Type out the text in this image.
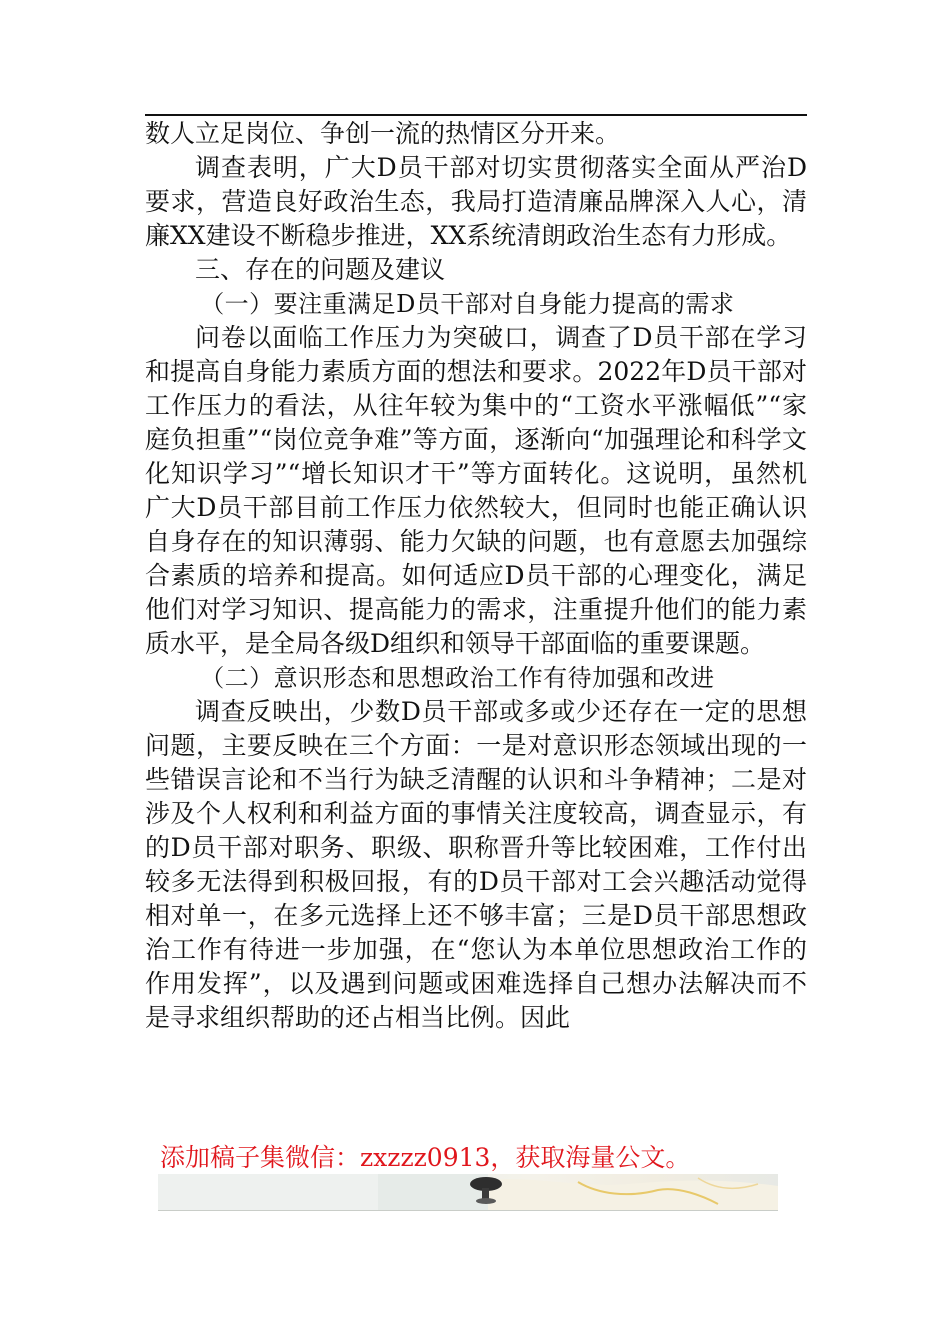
数人立足岗位、争创一流的热情区分开来。

调查表明，广大D员干部对切实贯彻落实全面从严治D要求，营造良好政治生态，我局打造清廉品牌深入人心，清廉XX建设不断稳步推进，XX系统清朗政治生态有力形成。

三、存在的问题及建议

（一）要注重满足D员干部对自身能力提高的需求

问卷以面临工作压力为突破口，调查了D员干部在学习和提高自身能力素质方面的想法和要求。2022年D员干部对工作压力的看法，从往年较为集中的“工资水平涨幅低”“家庭负担重”“岗位竞争难”等方面，逐渐向“加强理论和科学文化知识学习”“增长知识才干”等方面转化。这说明，虽然机广大D员干部目前工作压力依然较大，但同时也能正确认识自身存在的知识薄弱、能力欠缺的问题，也有意愿去加强综合素质的培养和提高。如何适应D员干部的心理变化，满足他们对学习知识、提高能力的需求，注重提升他们的能力素质水平，是全局各级D组织和领导干部面临的重要课题。

（二）意识形态和思想政治工作有待加强和改进

调查反映出，少数D员干部或多或少还存在一定的思想问题，主要反映在三个方面：一是对意识形态领域出现的一些错误言论和不当行为缺乏清醒的认识和斗争精神；二是对涉及个人权利和利益方面的事情关注度较高，调查显示，有的D员干部对职务、职级、职称晋升等比较困难，工作付出较多无法得到积极回报，有的D员干部对工会兴趣活动觉得相对单一，在多元选择上还不够丰富；三是D员干部思想政治工作有待进一步加强，在“您认为本单位思想政治工作的作用发挥”，以及遇到问题或困难选择自己想办法解决而不是寻求组织帮助的还占相当比例。因此

添加稿子集微信：zxzzz0913，获取海量公文。
